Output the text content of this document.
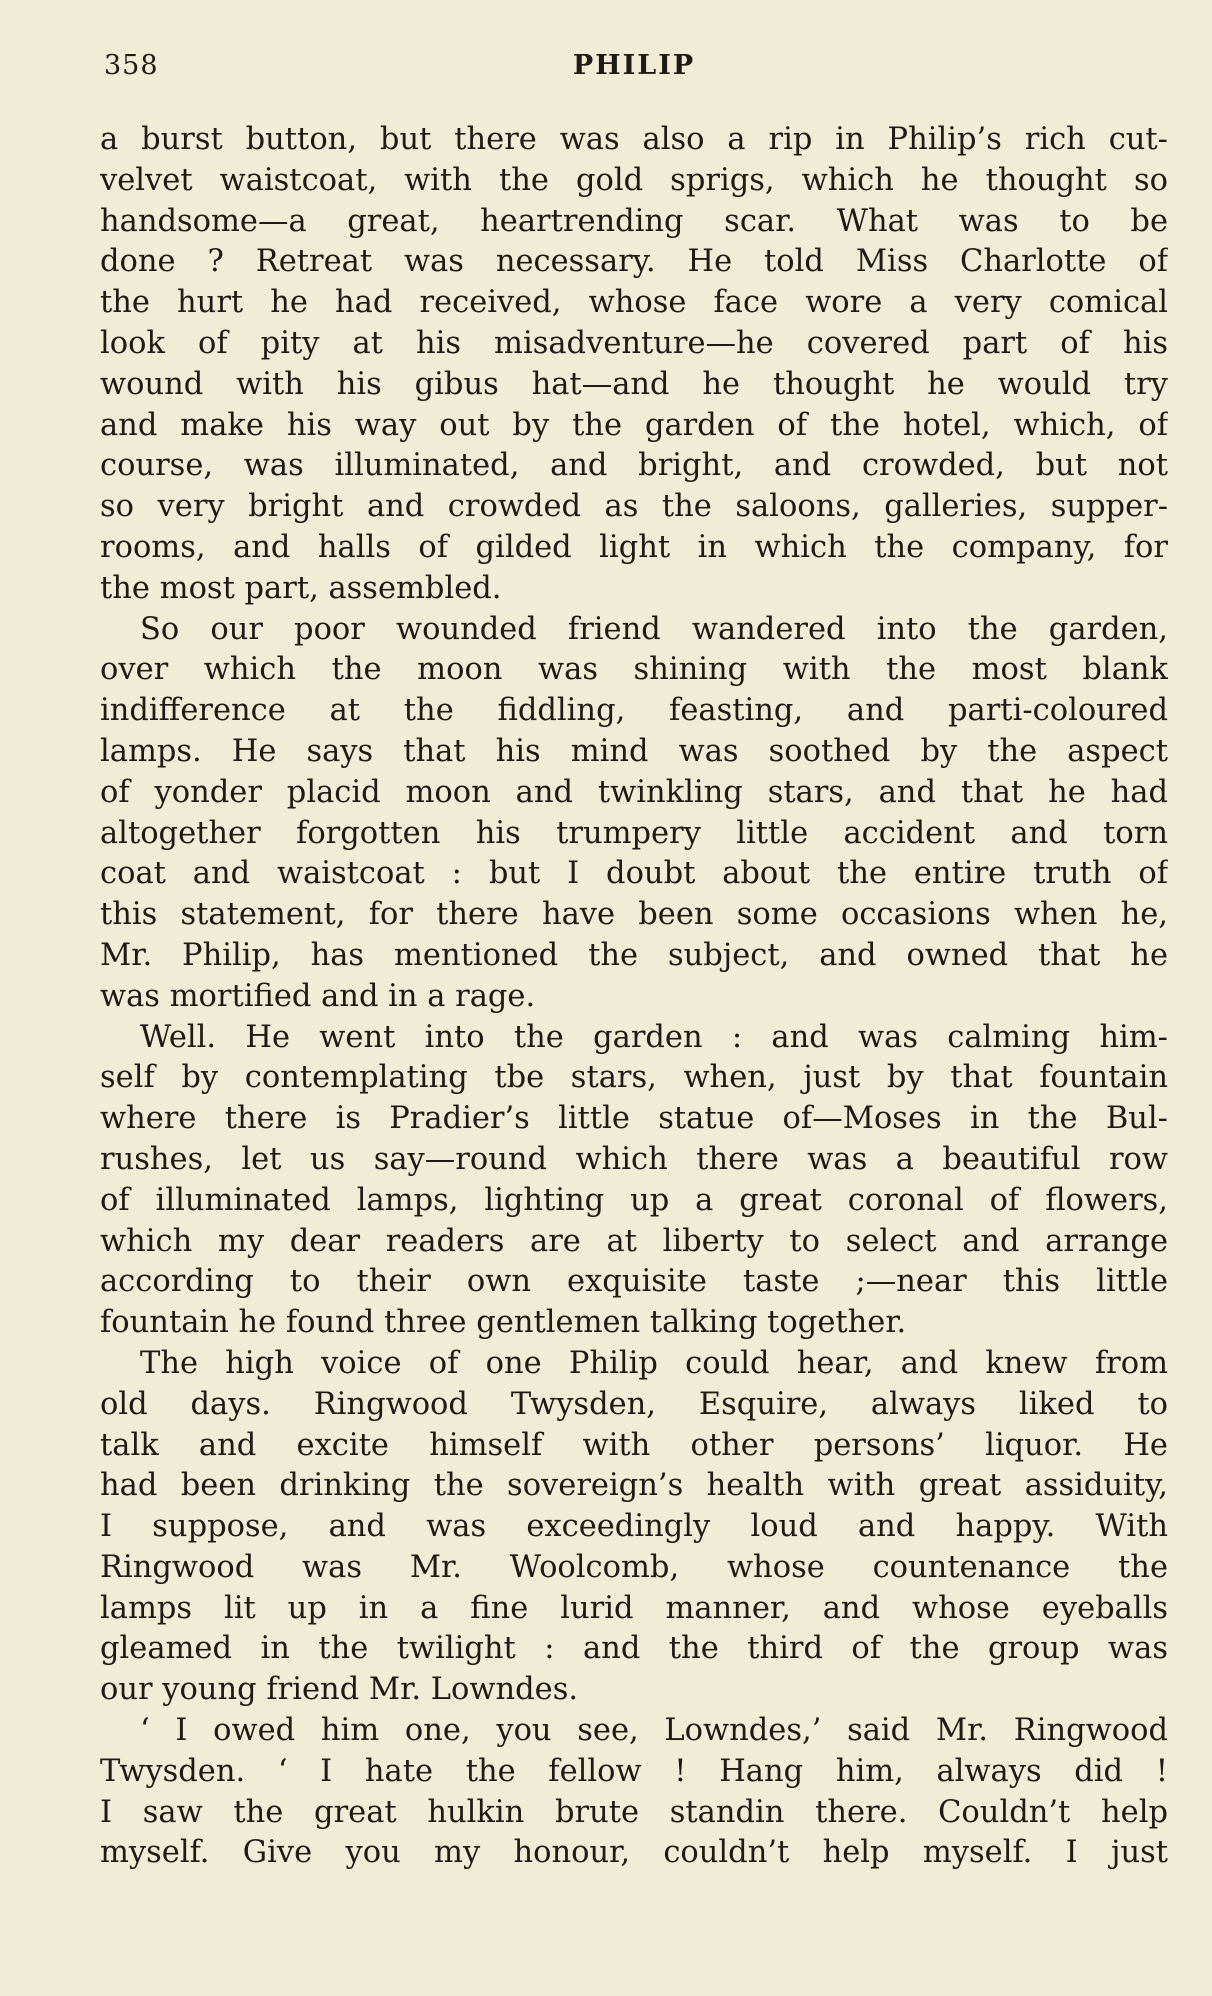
358	PHILIP
a burst button, but there was also a rip in Philip’s rich cut-
velvet waistcoat, with the gold sprigs, which he thought so
handsome—a great, heartrending scar. What was to be
done ? Retreat was necessary. He told Miss Charlotte of
the hurt he had received, whose face wore a very comical
look of pity at his misadventure—he covered part of his
wound with his gibus hat—and he thought he would try
and make his way out by the garden of the hotel, which, of
course, was illuminated, and bright, and crowded, but not
so very bright and crowded as the saloons, galleries, supper-
rooms, and halls of gilded light in which the company, for
the most part, assembled.
So our poor wounded friend wandered into the garden,
over which the moon was shining with the most blank
indifference at the fiddling, feasting, and parti-coloured
lamps. He says that his mind was soothed by the aspect
of yonder placid moon and twinkling stars, and that he had
altogether forgotten his trumpery little accident and torn
coat and waistcoat : but I doubt about the entire truth of
this statement, for there have been some occasions when he,
Mr. Philip, has mentioned the subject, and owned that he
was mortified and in a rage.
Well. He went into the garden : and was calming him-
self by contemplating tbe stars, when, just by that fountain
where there is Pradier’s little statue of—Moses in the Bul-
rushes, let us say—round which there was a beautiful row
of illuminated lamps, lighting up a great coronal of flowers,
which my dear readers are at liberty to select and arrange
according to their own exquisite taste ;—near this little
fountain he found three gentlemen talking together.
The high voice of one Philip could hear, and knew from
old days. Ringwood Twysden, Esquire, always liked to
talk and excite himself with other persons’ liquor. He
had been drinking the sovereign’s health with great assiduity,
I suppose, and was exceedingly loud and happy. With
Ringwood was Mr. Woolcomb, whose countenance the
lamps lit up in a fine lurid manner, and whose eyeballs
gleamed in the twilight : and the third of the group was
our young friend Mr. Lowndes.
‘ I owed him one, you see, Lowndes,’ said Mr. Ringwood
Twysden. ‘ I hate the fellow ! Hang him, always did !
I saw the great hulkin brute standin there. Couldn’t help
myself. Give you my honour, couldn’t help myself. I just
